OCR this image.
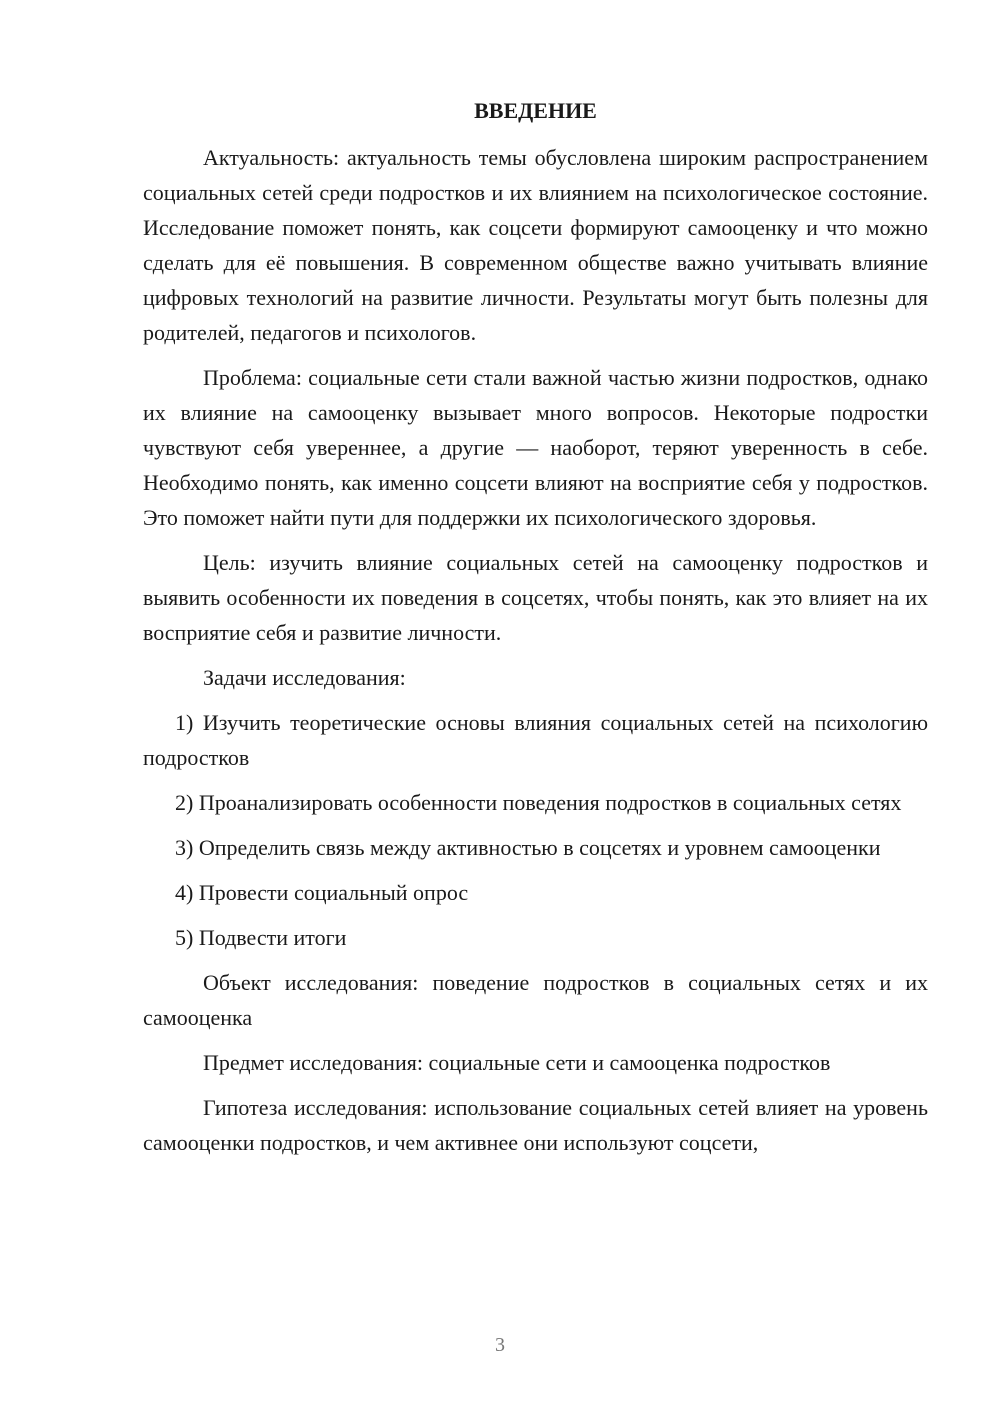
ВВЕДЕНИЕ

Актуальность: актуальность темы обусловлена широким распространением социальных сетей среди подростков и их влиянием на психологическое состояние. Исследование поможет понять, как соцсети формируют самооценку и что можно сделать для её повышения. В современном обществе важно учитывать влияние цифровых технологий на развитие личности. Результаты могут быть полезны для родителей, педагогов и психологов.

Проблема: социальные сети стали важной частью жизни подростков, однако их влияние на самооценку вызывает много вопросов. Некоторые подростки чувствуют себя увереннее, а другие — наоборот, теряют уверенность в себе. Необходимо понять, как именно соцсети влияют на восприятие себя у подростков. Это поможет найти пути для поддержки их психологического здоровья.

Цель: изучить влияние социальных сетей на самооценку подростков и выявить особенности их поведения в соцсетях, чтобы понять, как это влияет на их восприятие себя и развитие личности.

Задачи исследования:

1) Изучить теоретические основы влияния социальных сетей на психологию подростков

2) Проанализировать особенности поведения подростков в социальных сетях

3) Определить связь между активностью в соцсетях и уровнем самооценки

4) Провести социальный опрос

5) Подвести итоги

Объект исследования: поведение подростков в социальных сетях и их самооценка

Предмет исследования: социальные сети и самооценка подростков

Гипотеза исследования: использование социальных сетей влияет на уровень самооценки подростков, и чем активнее они используют соцсети,

3
